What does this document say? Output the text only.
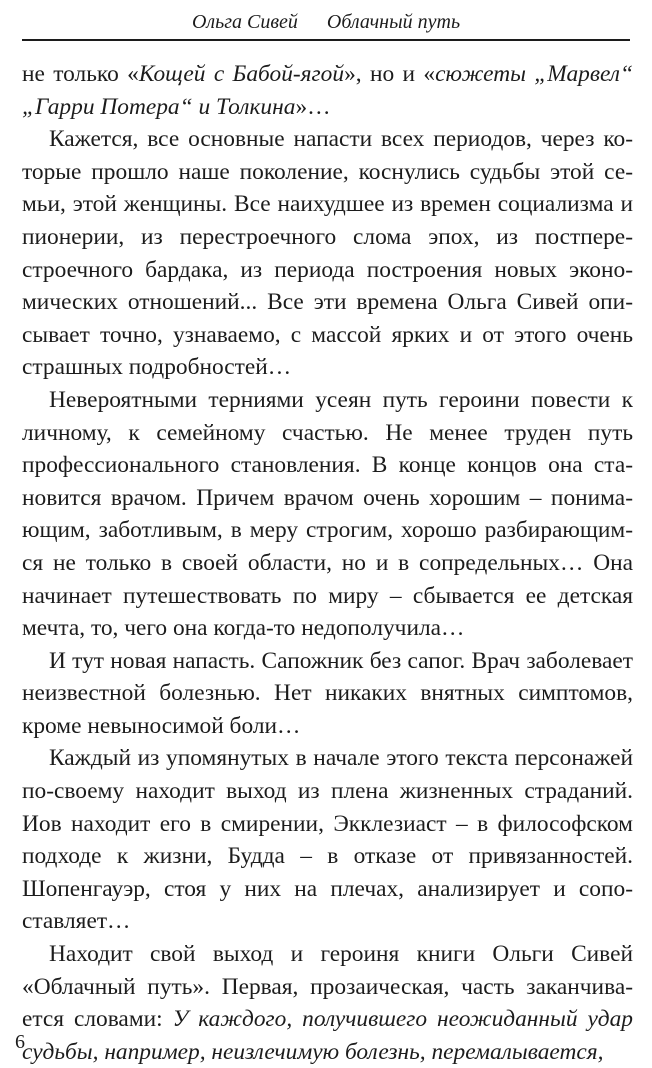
Ольга Сивей Облачный путь

не только «Кощей с Бабой-ягой», но и «сюжеты „Марвел“ „Гарри Потера“ и Толкина»…

Кажется, все основные напасти всех периодов, через которые прошло наше поколение, коснулись судьбы этой семьи, этой женщины. Все наихудшее из времен социализма и пионерии, из перестроечного слома эпох, из постперестроечного бардака, из периода построения новых экономических отношений... Все эти времена Ольга Сивей описывает точно, узнаваемо, с массой ярких и от этого очень страшных подробностей…

Невероятными терниями усеян путь героини повести к личному, к семейному счастью. Не менее труден путь профессионального становления. В конце концов она становится врачом. Причем врачом очень хорошим – понимающим, заботливым, в меру строгим, хорошо разбирающимся не только в своей области, но и в сопредельных… Она начинает путешествовать по миру – сбывается ее детская мечта, то, чего она когда-то недополучила…

И тут новая напасть. Сапожник без сапог. Врач заболевает неизвестной болезнью. Нет никаких внятных симптомов, кроме невыносимой боли…

Каждый из упомянутых в начале этого текста персонажей по-своему находит выход из плена жизненных страданий. Иов находит его в смирении, Экклезиаст – в философском подходе к жизни, Будда – в отказе от привязанностей. Шопенгауэр, стоя у них на плечах, анализирует и сопоставляет…

Находит свой выход и героиня книги Ольги Сивей «Облачный путь». Первая, прозаическая, часть заканчивается словами: У каждого, получившего неожиданный удар судьбы, например, неизлечимую болезнь, перемалывается,

6
